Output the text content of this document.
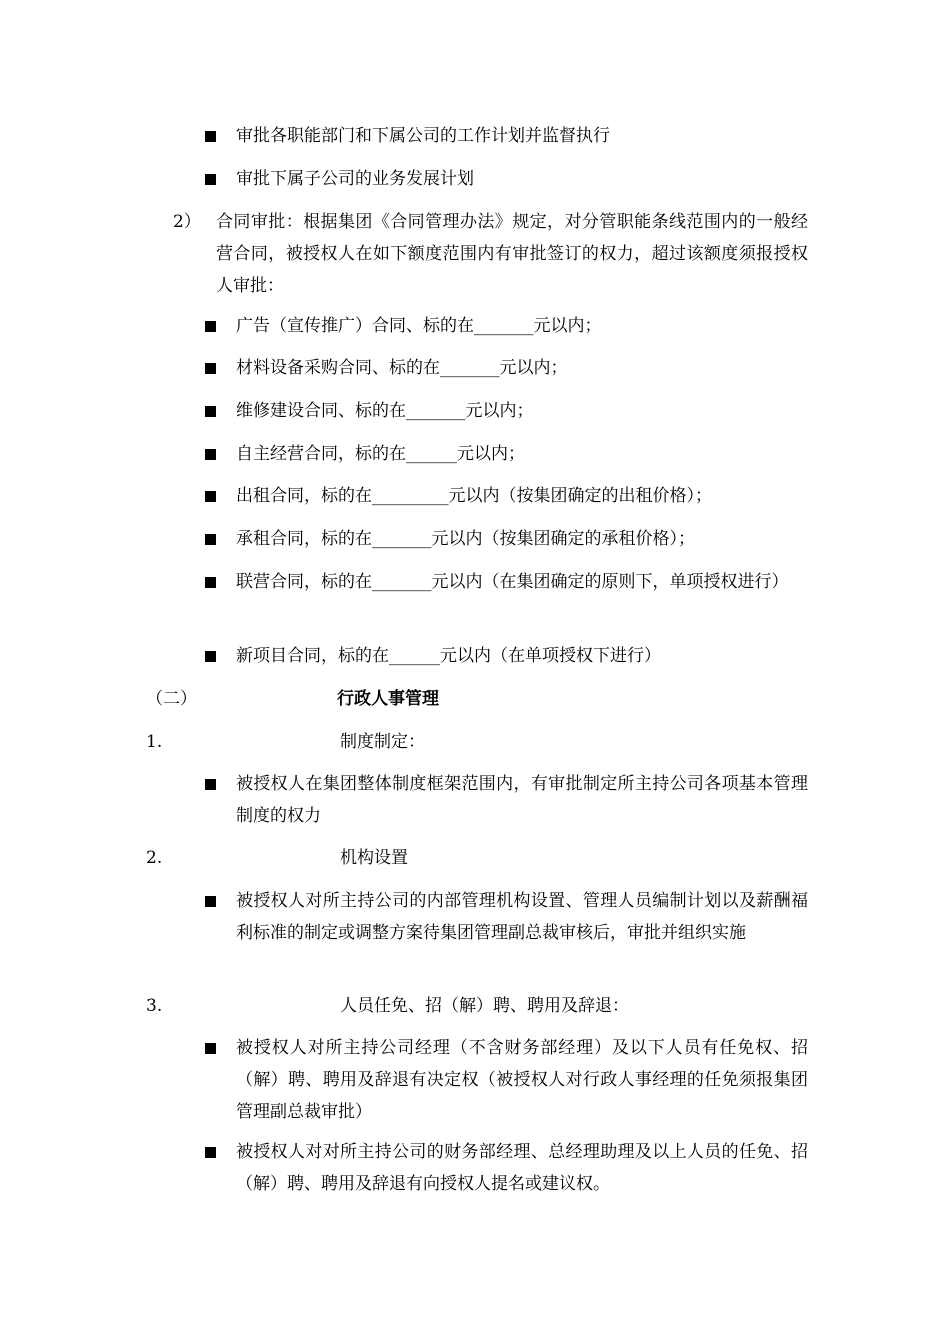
审批各职能部门和下属公司的工作计划并监督执行
审批下属子公司的业务发展计划
2） 合同审批：根据集团《合同管理办法》规定，对分管职能条线范围内的一般经营合同，被授权人在如下额度范围内有审批签订的权力，超过该额度须报授权人审批：
广告（宣传推广）合同、标的在_______元以内；
材料设备采购合同、标的在_______元以内；
维修建设合同、标的在_______元以内；
自主经营合同，标的在______元以内；
出租合同，标的在_________元以内（按集团确定的出租价格）；
承租合同，标的在_______元以内（按集团确定的承租价格）；
联营合同，标的在_______元以内（在集团确定的原则下，单项授权进行）
新项目合同，标的在______元以内（在单项授权下进行）
（二）	行政人事管理
1.	制度制定：
被授权人在集团整体制度框架范围内，有审批制定所主持公司各项基本管理制度的权力
2.	机构设置
被授权人对所主持公司的内部管理机构设置、管理人员编制计划以及薪酬福利标准的制定或调整方案待集团管理副总裁审核后，审批并组织实施
3.	人员任免、招（解）聘、聘用及辞退：
被授权人对所主持公司经理（不含财务部经理）及以下人员有任免权、招（解）聘、聘用及辞退有决定权（被授权人对行政人事经理的任免须报集团管理副总裁审批）
被授权人对对所主持公司的财务部经理、总经理助理及以上人员的任免、招（解）聘、聘用及辞退有向授权人提名或建议权。
